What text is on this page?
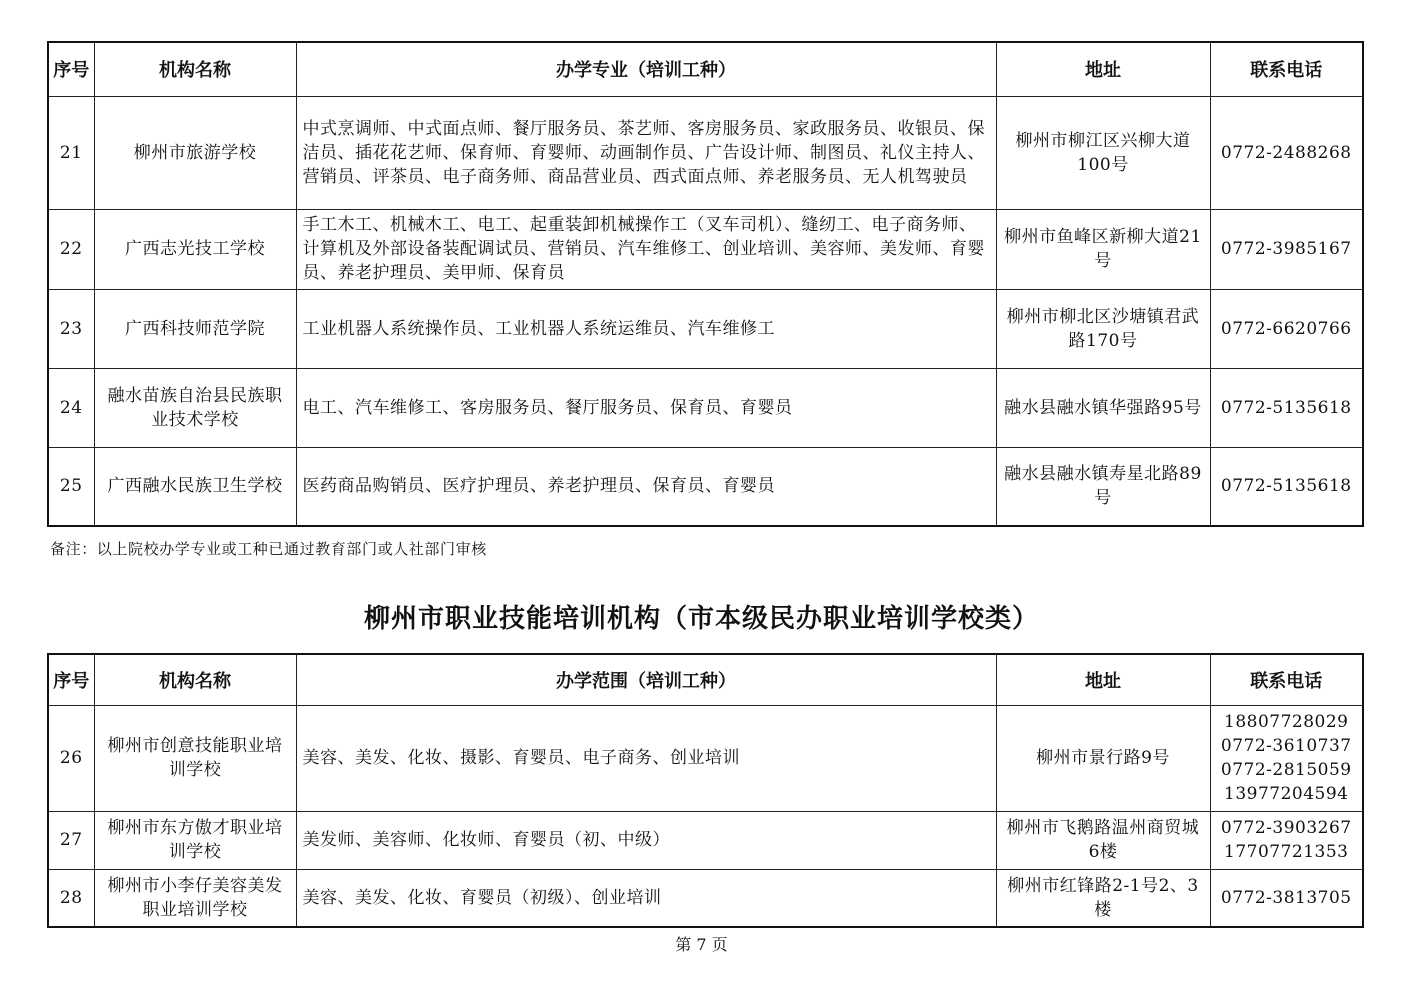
序号	机构名称	办学专业（培训工种）	地址	联系电话
21	柳州市旅游学校	中式烹调师、中式面点师、餐厅服务员、茶艺师、客房服务员、家政服务员、收银员、保洁员、插花花艺师、保育师、育婴师、动画制作员、广告设计师、制图员、礼仪主持人、营销员、评茶员、电子商务师、商品营业员、西式面点师、养老服务员、无人机驾驶员	柳州市柳江区兴柳大道100号	0772-2488268
22	广西志光技工学校	手工木工、机械木工、电工、起重装卸机械操作工（叉车司机）、缝纫工、电子商务师、计算机及外部设备装配调试员、营销员、汽车维修工、创业培训、美容师、美发师、育婴员、养老护理员、美甲师、保育员	柳州市鱼峰区新柳大道21号	0772-3985167
23	广西科技师范学院	工业机器人系统操作员、工业机器人系统运维员、汽车维修工	柳州市柳北区沙塘镇君武路170号	0772-6620766
24	融水苗族自治县民族职业技术学校	电工、汽车维修工、客房服务员、餐厅服务员、保育员、育婴员	融水县融水镇华强路95号	0772-5135618
25	广西融水民族卫生学校	医药商品购销员、医疗护理员、养老护理员、保育员、育婴员	融水县融水镇寿星北路89号	0772-5135618
备注：以上院校办学专业或工种已通过教育部门或人社部门审核
柳州市职业技能培训机构（市本级民办职业培训学校类）
序号	机构名称	办学范围（培训工种）	地址	联系电话
26	柳州市创意技能职业培训学校	美容、美发、化妆、摄影、育婴员、电子商务、创业培训	柳州市景行路9号	18807728029
0772-3610737
0772-2815059
13977204594

27	柳州市东方傲才职业培训学校	美发师、美容师、化妆师、育婴员（初、中级）	柳州市飞鹅路温州商贸城6楼	0772-3903267
17707721353

28	柳州市小李仔美容美发职业培训学校	美容、美发、化妆、育婴员（初级）、创业培训	柳州市红锋路2-1号2、3楼	0772-3813705
第 7 页
